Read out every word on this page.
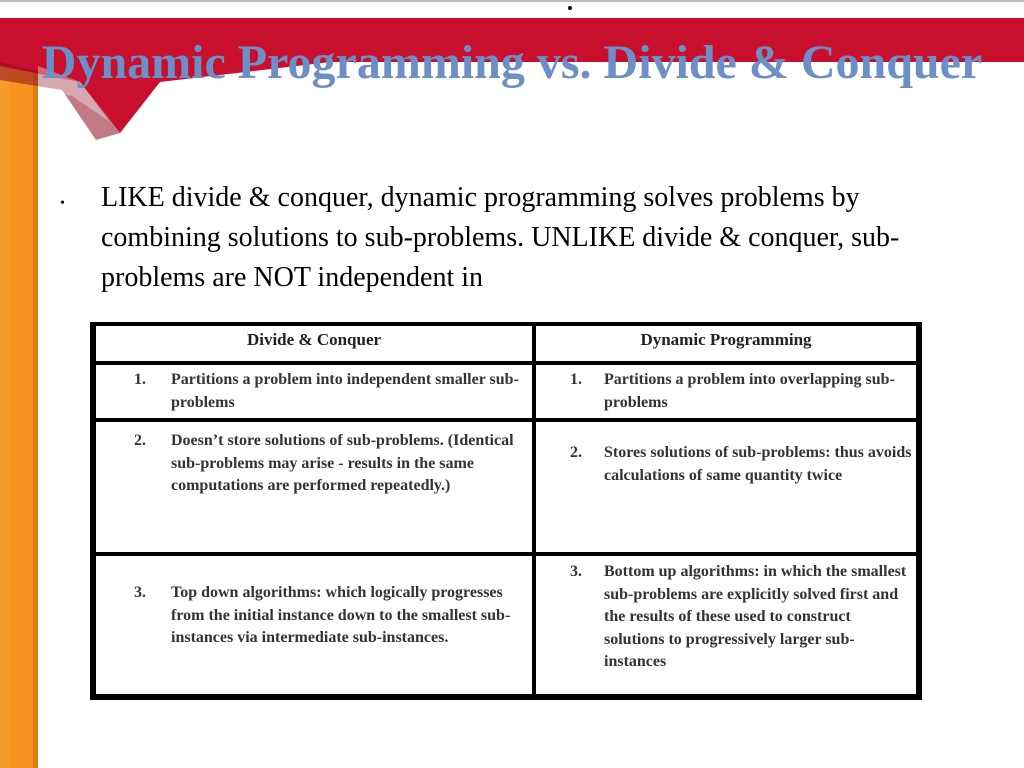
Dynamic Programming vs. Divide & Conquer
• LIKE divide & conquer, dynamic programming solves problems by combining solutions to sub-problems. UNLIKE divide & conquer, sub-problems are NOT independent in

Divide & Conquer	Dynamic Programming
1. Partitions a problem into independent smaller sub-problems

1. Partitions a problem into overlapping sub-problems

2. Doesn’t store solutions of sub-problems. (Identical sub-problems may arise - results in the same computations are performed repeatedly.)

2. Stores solutions of sub-problems: thus avoids calculations of same quantity twice

3. Top down algorithms: which logically progresses from the initial instance down to the smallest sub-instances via intermediate sub-instances.

3. Bottom up algorithms: in which the smallest sub-problems are explicitly solved first and the results of these used to construct solutions to progressively larger sub-instances
